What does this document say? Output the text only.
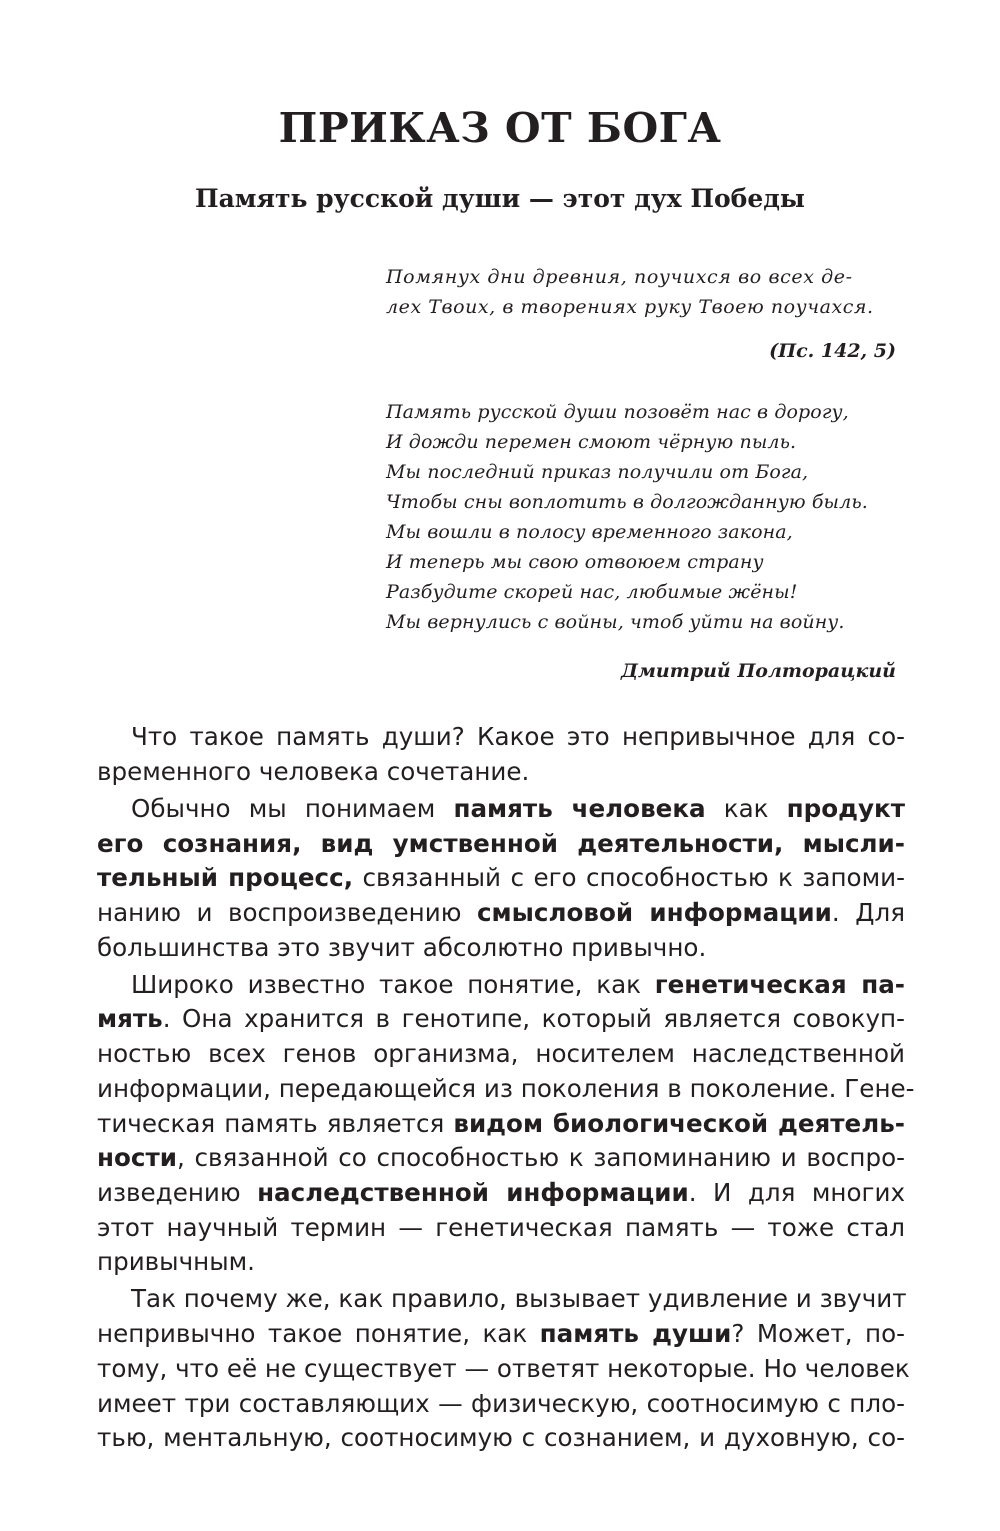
ПРИКАЗ ОТ БОГА
Память русской души — этот дух Победы
Помянух дни древния, поучихся во всех де-
лех Твоих, в творениях руку Твоею поучахся.
(Пс. 142, 5)
Память русской души позовёт нас в дорогу,
И дожди перемен смоют чёрную пыль.
Мы последний приказ получили от Бога,
Чтобы сны воплотить в долгожданную быль.
Мы вошли в полосу временного закона,
И теперь мы свою отвоюем страну
Разбудите скорей нас, любимые жёны!
Мы вернулись с войны, чтоб уйти на войну.
Дмитрий Полторацкий
Что такое память души? Какое это непривычное для со-
временного человека сочетание.
Обычно мы понимаем память человека как продукт
его сознания, вид умственной деятельности, мысли-
тельный процесс, связанный с его способностью к запоми-
нанию и воспроизведению смысловой информации. Для
большинства это звучит абсолютно привычно.
Широко известно такое понятие, как генетическая па-
мять. Она хранится в генотипе, который является совокуп-
ностью всех генов организма, носителем наследственной
информации, передающейся из поколения в поколение. Гене-
тическая память является видом биологической деятель-
ности, связанной со способностью к запоминанию и воспро-
изведению наследственной информации. И для многих
этот научный термин — генетическая память — тоже стал
привычным.
Так почему же, как правило, вызывает удивление и звучит
непривычно такое понятие, как память души? Может, по-
тому, что её не существует — ответят некоторые. Но человек
имеет три составляющих — физическую, соотносимую с пло-
тью, ментальную, соотносимую с сознанием, и духовную, со-
